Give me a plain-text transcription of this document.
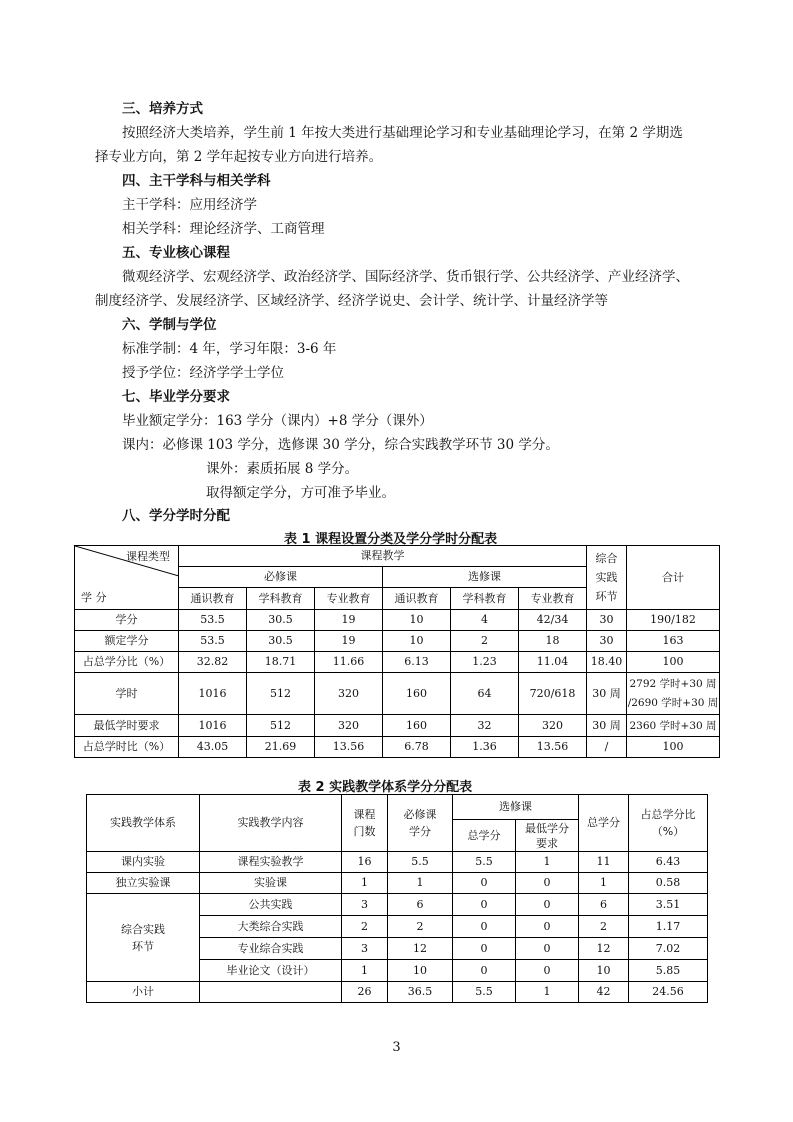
三、培养方式
按照经济大类培养，学生前 1 年按大类进行基础理论学习和专业基础理论学习，在第 2 学期选
择专业方向，第 2 学年起按专业方向进行培养。
四、主干学科与相关学科
主干学科：应用经济学
相关学科：理论经济学、工商管理
五、专业核心课程
微观经济学、宏观经济学、政治经济学、国际经济学、货币银行学、公共经济学、产业经济学、
制度经济学、发展经济学、区域经济学、经济学说史、会计学、统计学、计量经济学等
六、学制与学位
标准学制：4 年，学习年限：3-6 年
授予学位：经济学学士学位
七、毕业学分要求
毕业额定学分：163 学分（课内）+8 学分（课外）
课内：必修课 103 学分，选修课 30 学分，综合实践教学环节 30 学分。
课外：素质拓展 8 学分。
取得额定学分，方可准予毕业。
八、学分学时分配
表 1 课程设置分类及学分学时分配表
课程类型
学 分	课程教学						综合
实践
环节	合计
	必修课			选修课				
	通识教育	学科教育	专业教育	通识教育	学科教育	专业教育		
学分	53.5	30.5	19	10	4	42/34	30	190/182
额定学分	53.5	30.5	19	10	2	18	30	163
占总学分比（%）	32.82	18.71	11.66	6.13	1.23	11.04	18.40	100
学时	1016	512	320	160	64	720/618	30 周	2792 学时+30 周
/2690 学时+30 周
最低学时要求	1016	512	320	160	32	320	30 周	2360 学时+30 周
占总学时比（%）	43.05	21.69	13.56	6.78	1.36	13.56	/	100
表 2 实践教学体系学分分配表
实践教学体系	实践教学内容	课程
门数	必修课
学分	选修课		总学分	占总学分比
（%）
				总学分	最低学分
要求		
课内实验	课程实验教学	16	5.5	5.5	1	11	6.43
独立实验课	实验课	1	1	0	0	1	0.58
综合实践
环节	公共实践	3	6	0	0	6	3.51
	大类综合实践	2	2	0	0	2	1.17
	专业综合实践	3	12	0	0	12	7.02
	毕业论文（设计）	1	10	0	0	10	5.85
小计		26	36.5	5.5	1	42	24.56
3
